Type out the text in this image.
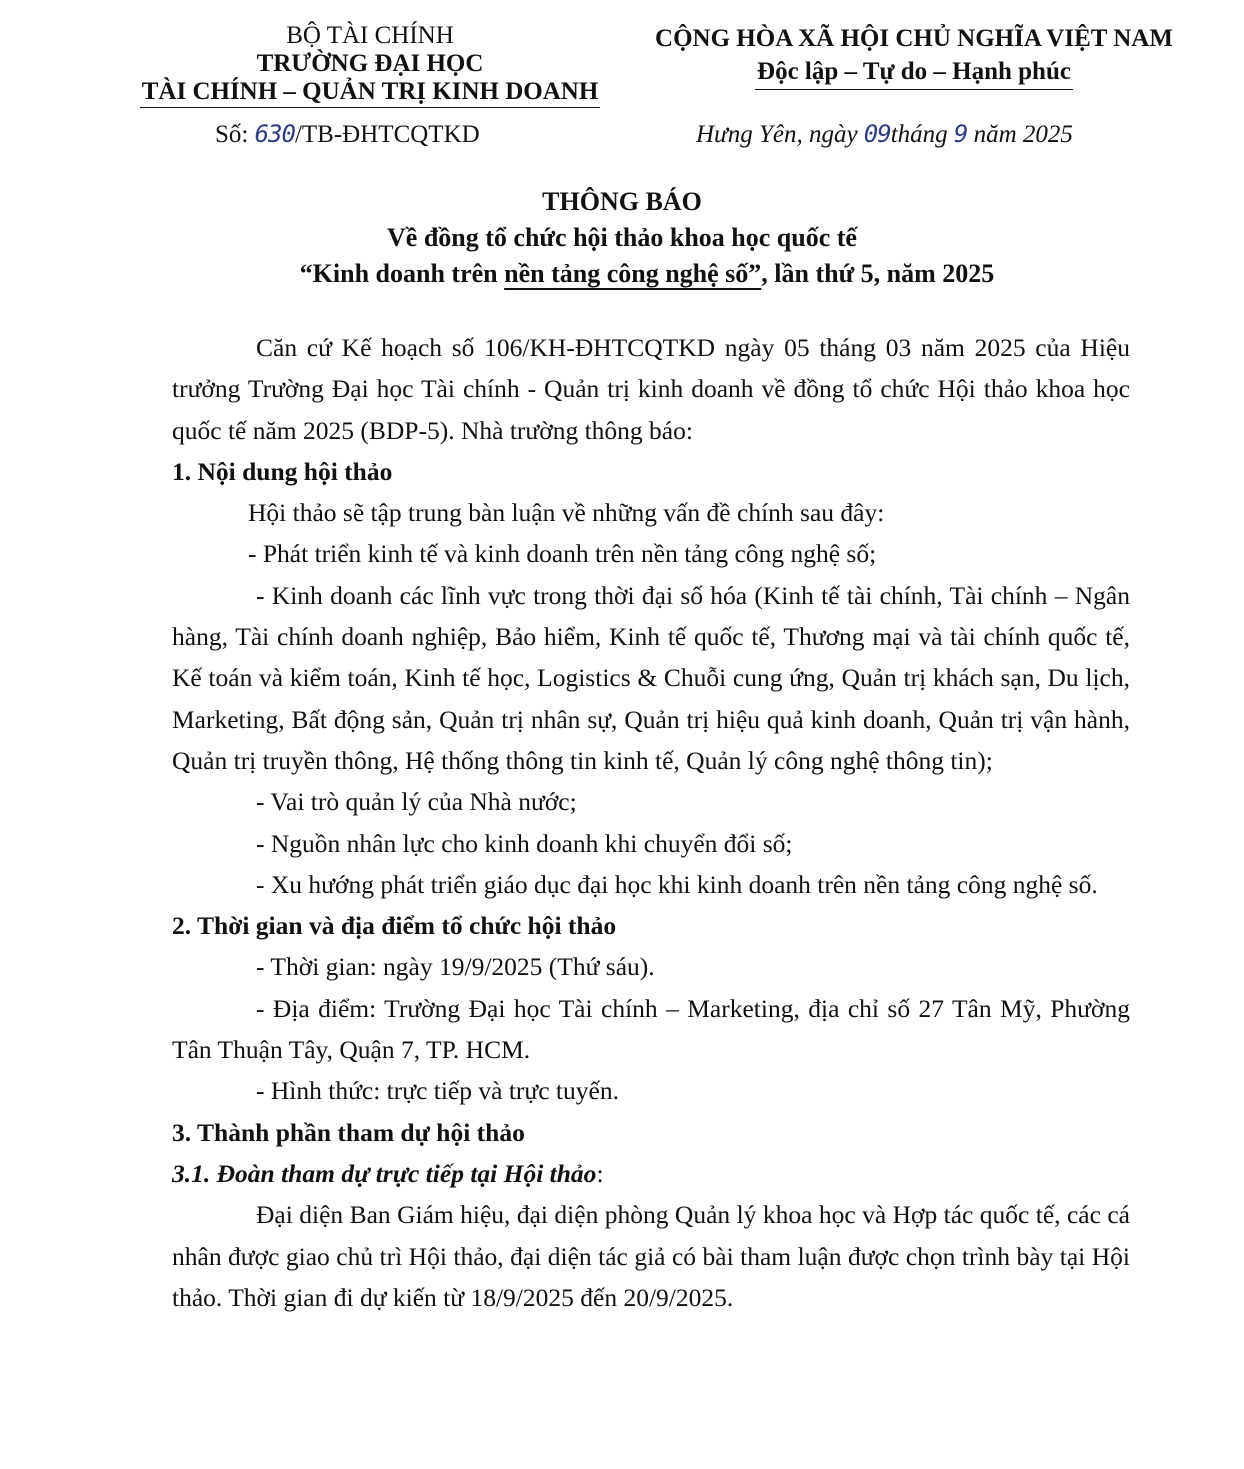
BỘ TÀI CHÍNH
TRƯỜNG ĐẠI HỌC
TÀI CHÍNH – QUẢN TRỊ KINH DOANH
CỘNG HÒA XÃ HỘI CHỦ NGHĨA VIỆT NAM
Độc lập – Tự do – Hạnh phúc
Số: 630/TB-ĐHTCQTKD	Hưng Yên, ngày 09tháng 9 năm 2025
THÔNG BÁO
Về đồng tổ chức hội thảo khoa học quốc tế
“Kinh doanh trên nền tảng công nghệ số”, lần thứ 5, năm 2025

Căn cứ Kế hoạch số 106/KH-ĐHTCQTKD ngày 05 tháng 03 năm 2025 của Hiệu trưởng Trường Đại học Tài chính - Quản trị kinh doanh về đồng tổ chức Hội thảo khoa học quốc tế năm 2025 (BDP-5). Nhà trường thông báo:

1. Nội dung hội thảo

Hội thảo sẽ tập trung bàn luận về những vấn đề chính sau đây:

- Phát triển kinh tế và kinh doanh trên nền tảng công nghệ số;

- Kinh doanh các lĩnh vực trong thời đại số hóa (Kinh tế tài chính, Tài chính – Ngân hàng, Tài chính doanh nghiệp, Bảo hiểm, Kinh tế quốc tế, Thương mại và tài chính quốc tế, Kế toán và kiểm toán, Kinh tế học, Logistics & Chuỗi cung ứng, Quản trị khách sạn, Du lịch, Marketing, Bất động sản, Quản trị nhân sự, Quản trị hiệu quả kinh doanh, Quản trị vận hành, Quản trị truyền thông, Hệ thống thông tin kinh tế, Quản lý công nghệ thông tin);

- Vai trò quản lý của Nhà nước;

- Nguồn nhân lực cho kinh doanh khi chuyển đổi số;

- Xu hướng phát triển giáo dục đại học khi kinh doanh trên nền tảng công nghệ số.

2. Thời gian và địa điểm tổ chức hội thảo

- Thời gian: ngày 19/9/2025 (Thứ sáu).

- Địa điểm: Trường Đại học Tài chính – Marketing, địa chỉ số 27 Tân Mỹ, Phường Tân Thuận Tây, Quận 7, TP. HCM.

- Hình thức: trực tiếp và trực tuyến.

3. Thành phần tham dự hội thảo

3.1. Đoàn tham dự trực tiếp tại Hội thảo:

Đại diện Ban Giám hiệu, đại diện phòng Quản lý khoa học và Hợp tác quốc tế, các cá nhân được giao chủ trì Hội thảo, đại diện tác giả có bài tham luận được chọn trình bày tại Hội thảo. Thời gian đi dự kiến từ 18/9/2025 đến 20/9/2025.
